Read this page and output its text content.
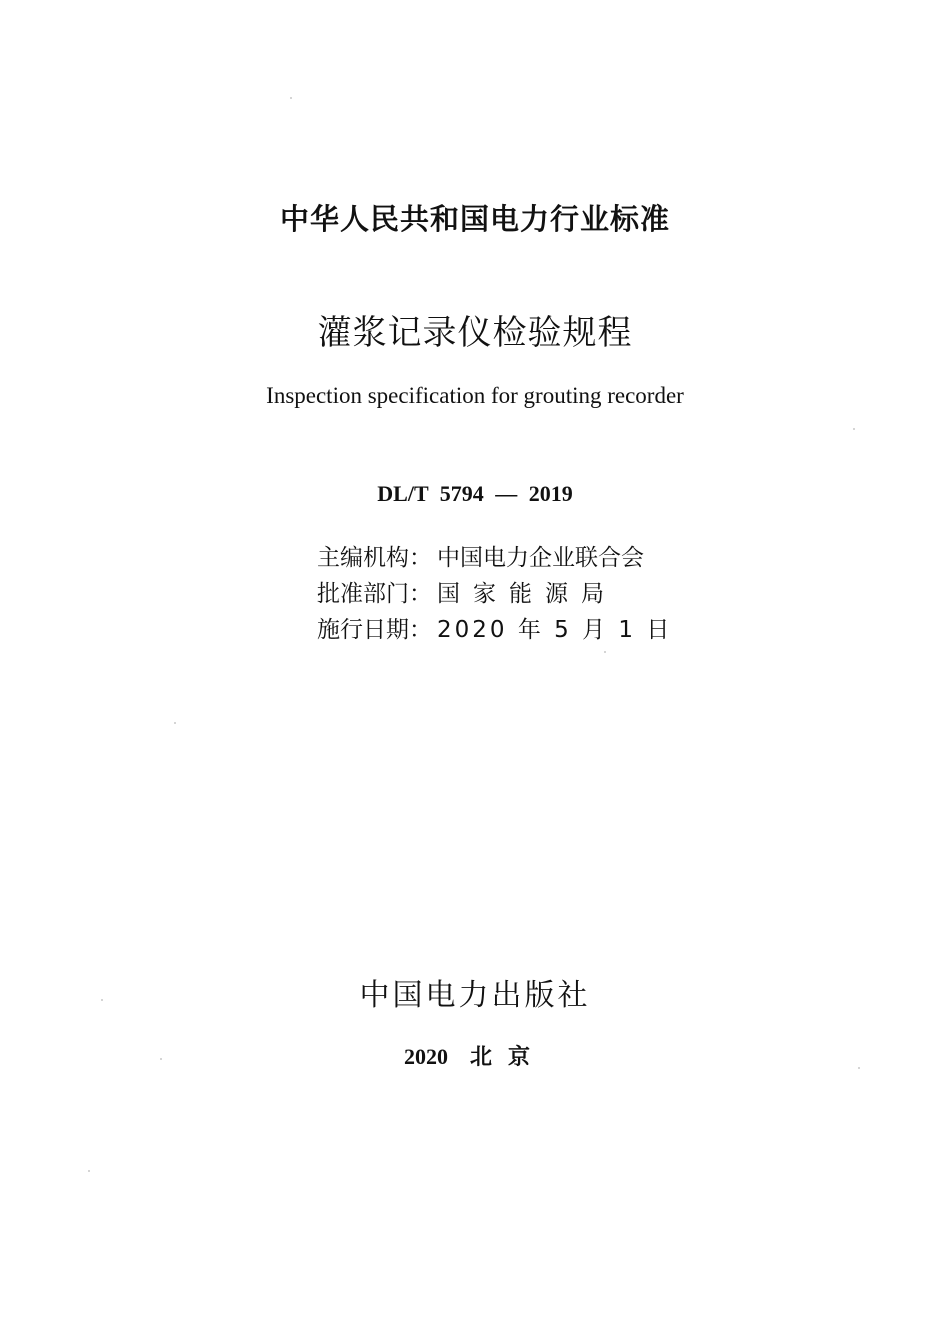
中华人民共和国电力行业标准
灌浆记录仪检验规程
Inspection specification for grouting recorder
DL/T 5794 — 2019
主编机构： 中国电力企业联合会
批准部门： 国家能源局
施行日期： 2020 年 5 月 1 日
中国电力出版社
2020 北京
